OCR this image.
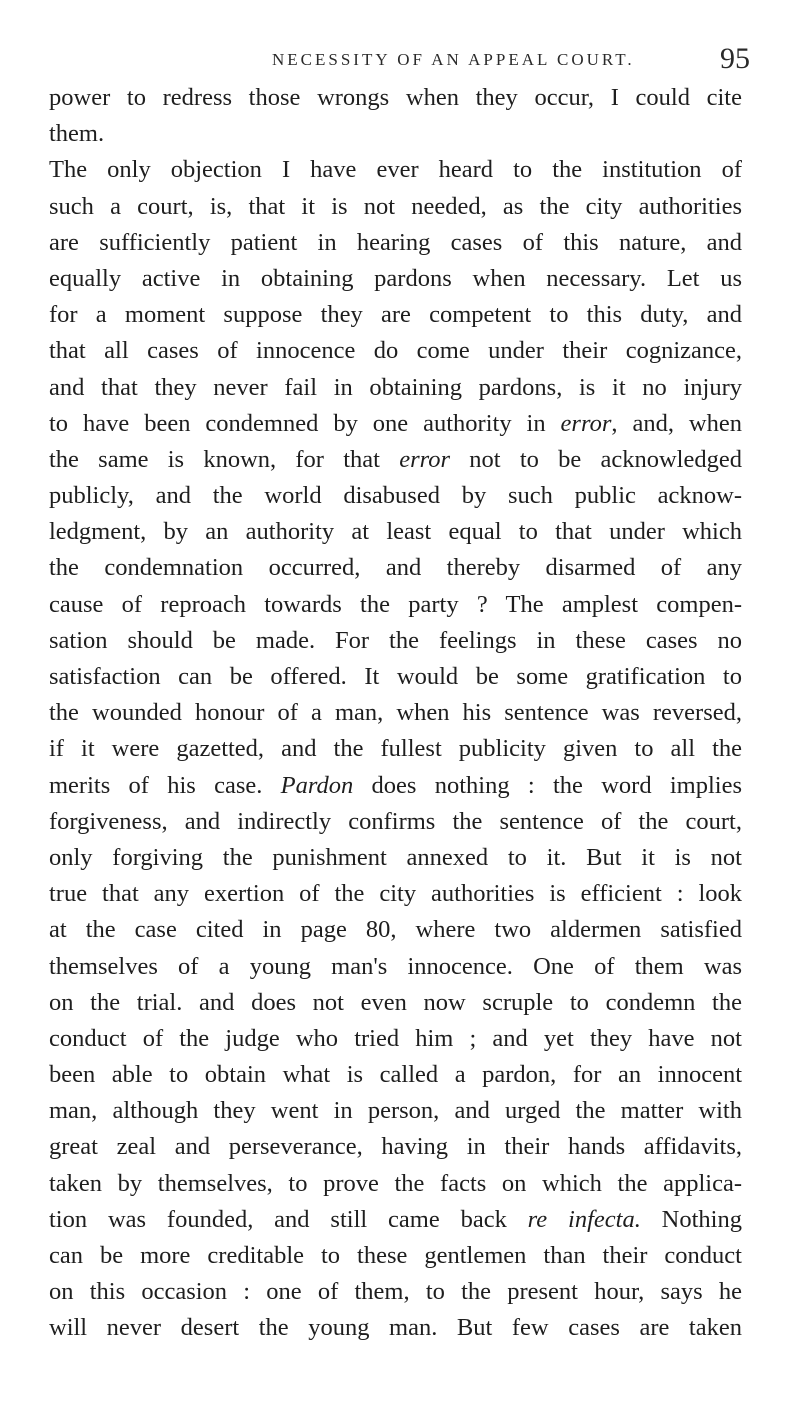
NECESSITY OF AN APPEAL COURT.	95
power to redress those wrongs when they occur, I could cite
them.
The only objection I have ever heard to the institution of
such a court, is, that it is not needed, as the city authorities
are sufficiently patient in hearing cases of this nature, and
equally active in obtaining pardons when necessary. Let us
for a moment suppose they are competent to this duty, and
that all cases of innocence do come under their cognizance,
and that they never fail in obtaining pardons, is it no injury
to have been condemned by one authority in error, and, when
the same is known, for that error not to be acknowledged
publicly, and the world disabused by such public acknow-
ledgment, by an authority at least equal to that under which
the condemnation occurred, and thereby disarmed of any
cause of reproach towards the party ? The amplest compen-
sation should be made. For the feelings in these cases no
satisfaction can be offered. It would be some gratification to
the wounded honour of a man, when his sentence was reversed,
if it were gazetted, and the fullest publicity given to all the
merits of his case. Pardon does nothing : the word implies
forgiveness, and indirectly confirms the sentence of the court,
only forgiving the punishment annexed to it. But it is not
true that any exertion of the city authorities is efficient : look
at the case cited in page 80, where two aldermen satisfied
themselves of a young man's innocence. One of them was
on the trial. and does not even now scruple to condemn the
conduct of the judge who tried him ; and yet they have not
been able to obtain what is called a pardon, for an innocent
man, although they went in person, and urged the matter with
great zeal and perseverance, having in their hands affidavits,
taken by themselves, to prove the facts on which the applica-
tion was founded, and still came back re infecta. Nothing
can be more creditable to these gentlemen than their conduct
on this occasion : one of them, to the present hour, says he
will never desert the young man. But few cases are taken
